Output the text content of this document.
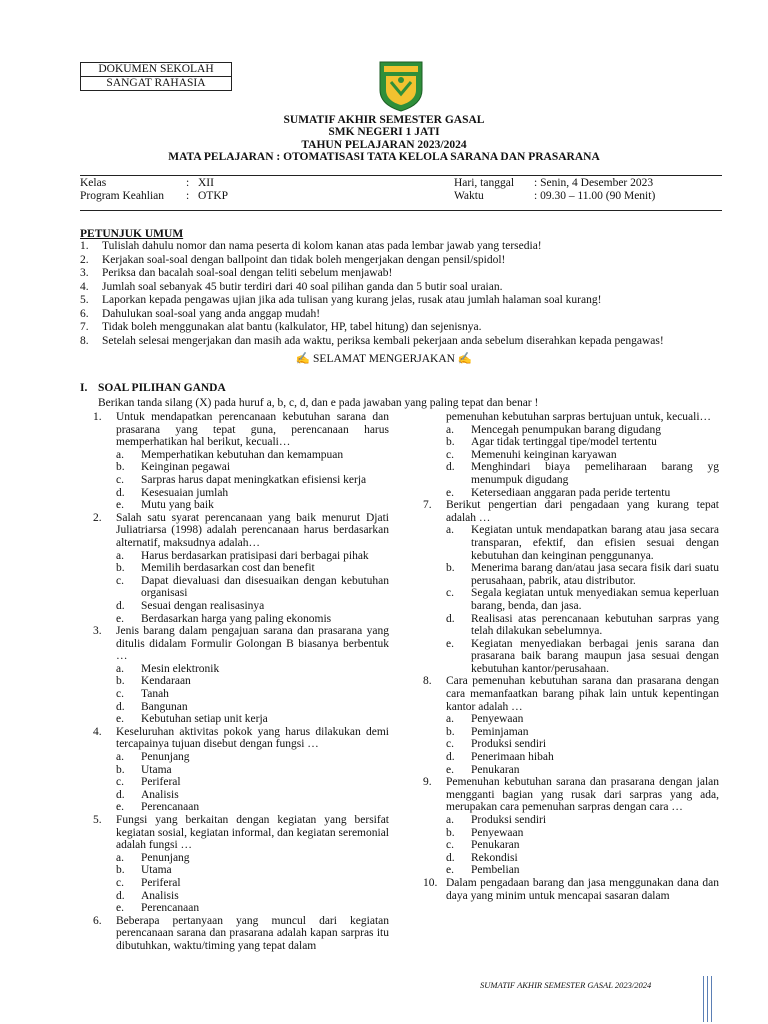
DOKUMEN SEKOLAH
SANGAT RAHASIA
SUMATIF AKHIR SEMESTER GASAL
SMK NEGERI 1 JATI
TAHUN PELAJARAN 2023/2024
MATA PELAJARAN : OTOMATISASI TATA KELOLA SARANA DAN PRASARANA
Kelas	: XII
Program Keahlian : OTKP
Hari, tanggal : Senin, 4 Desember 2023
Waktu	: 09.30 – 11.00 (90 Menit)
PETUNJUK UMUM
1.	Tulislah dahulu nomor dan nama peserta di kolom kanan atas pada lembar jawab yang tersedia!
2.	Kerjakan soal-soal dengan ballpoint dan tidak boleh mengerjakan dengan pensil/spidol!
3.	Periksa dan bacalah soal-soal dengan teliti sebelum menjawab!
4.	Jumlah soal sebanyak 45 butir terdiri dari 40 soal pilihan ganda dan 5 butir soal uraian.
5.	Laporkan kepada pengawas ujian jika ada tulisan yang kurang jelas, rusak atau jumlah halaman soal kurang!
6.	Dahulukan soal-soal yang anda anggap mudah!
7.	Tidak boleh menggunakan alat bantu (kalkulator, HP, tabel hitung) dan sejenisnya.
8.	Setelah selesai mengerjakan dan masih ada waktu, periksa kembali pekerjaan anda sebelum diserahkan kepada pengawas!
✍ SELAMAT MENGERJAKAN ✍
I. SOAL PILIHAN GANDA
Berikan tanda silang (X) pada huruf a, b, c, d, dan e pada jawaban yang paling tepat dan benar !
1.	Untuk mendapatkan perencanaan kebutuhan sarana dan prasarana yang tepat guna, perencanaan harus memperhatikan hal berikut, kecuali…
a.	Memperhatikan kebutuhan dan kemampuan
b.	Keinginan pegawai
c.	Sarpras harus dapat meningkatkan efisiensi kerja
d.	Kesesuaian jumlah
e.	Mutu yang baik
2.	Salah satu syarat perencanaan yang baik menurut Djati Juliatriarsa (1998) adalah perencanaan harus berdasarkan alternatif, maksudnya adalah…
a.	Harus berdasarkan pratisipasi dari berbagai pihak
b.	Memilih berdasarkan cost dan benefit
c.	Dapat dievaluasi dan disesuaikan dengan kebutuhan organisasi
d.	Sesuai dengan realisasinya
e.	Berdasarkan harga yang paling ekonomis
3.	Jenis barang dalam pengajuan sarana dan prasarana yang ditulis didalam Formulir Golongan B biasanya berbentuk …
a.	Mesin elektronik
b.	Kendaraan
c.	Tanah
d.	Bangunan
e.	Kebutuhan setiap unit kerja
4.	Keseluruhan aktivitas pokok yang harus dilakukan demi tercapainya tujuan disebut dengan fungsi …
a.	Penunjang
b.	Utama
c.	Periferal
d.	Analisis
e.	Perencanaan
5.	Fungsi yang berkaitan dengan kegiatan yang bersifat kegiatan sosial, kegiatan informal, dan kegiatan seremonial adalah fungsi …
a.	Penunjang
b.	Utama
c.	Periferal
d.	Analisis
e.	Perencanaan
6.	Beberapa pertanyaan yang muncul dari kegiatan perencanaan sarana dan prasarana adalah kapan sarpras itu dibutuhkan, waktu/timing yang tepat dalam
pemenuhan kebutuhan sarpras bertujuan untuk, kecuali…
a.	Mencegah penumpukan barang digudang
b.	Agar tidak tertinggal tipe/model tertentu
c.	Memenuhi keinginan karyawan
d.	Menghindari biaya pemeliharaan barang yg menumpuk digudang
e.	Ketersediaan anggaran pada peride tertentu
7.	Berikut pengertian dari pengadaan yang kurang tepat adalah …
a.	Kegiatan untuk mendapatkan barang atau jasa secara transparan, efektif, dan efisien sesuai dengan kebutuhan dan keinginan penggunanya.
b.	Menerima barang dan/atau jasa secara fisik dari suatu perusahaan, pabrik, atau distributor.
c.	Segala kegiatan untuk menyediakan semua keperluan barang, benda, dan jasa.
d.	Realisasi atas perencanaan kebutuhan sarpras yang telah dilakukan sebelumnya.
e.	Kegiatan menyediakan berbagai jenis sarana dan prasarana baik barang maupun jasa sesuai dengan kebutuhan kantor/perusahaan.
8.	Cara pemenuhan kebutuhan sarana dan prasarana dengan cara memanfaatkan barang pihak lain untuk kepentingan kantor adalah …
a.	Penyewaan
b.	Peminjaman
c.	Produksi sendiri
d.	Penerimaan hibah
e.	Penukaran
9.	Pemenuhan kebutuhan sarana dan prasarana dengan jalan mengganti bagian yang rusak dari sarpras yang ada, merupakan cara pemenuhan sarpras dengan cara …
a.	Produksi sendiri
b.	Penyewaan
c.	Penukaran
d.	Rekondisi
e.	Pembelian
10. Dalam pengadaan barang dan jasa menggunakan dana dan daya yang minim untuk mencapai sasaran dalam
SUMATIF AKHIR SEMESTER GASAL 2023/2024
